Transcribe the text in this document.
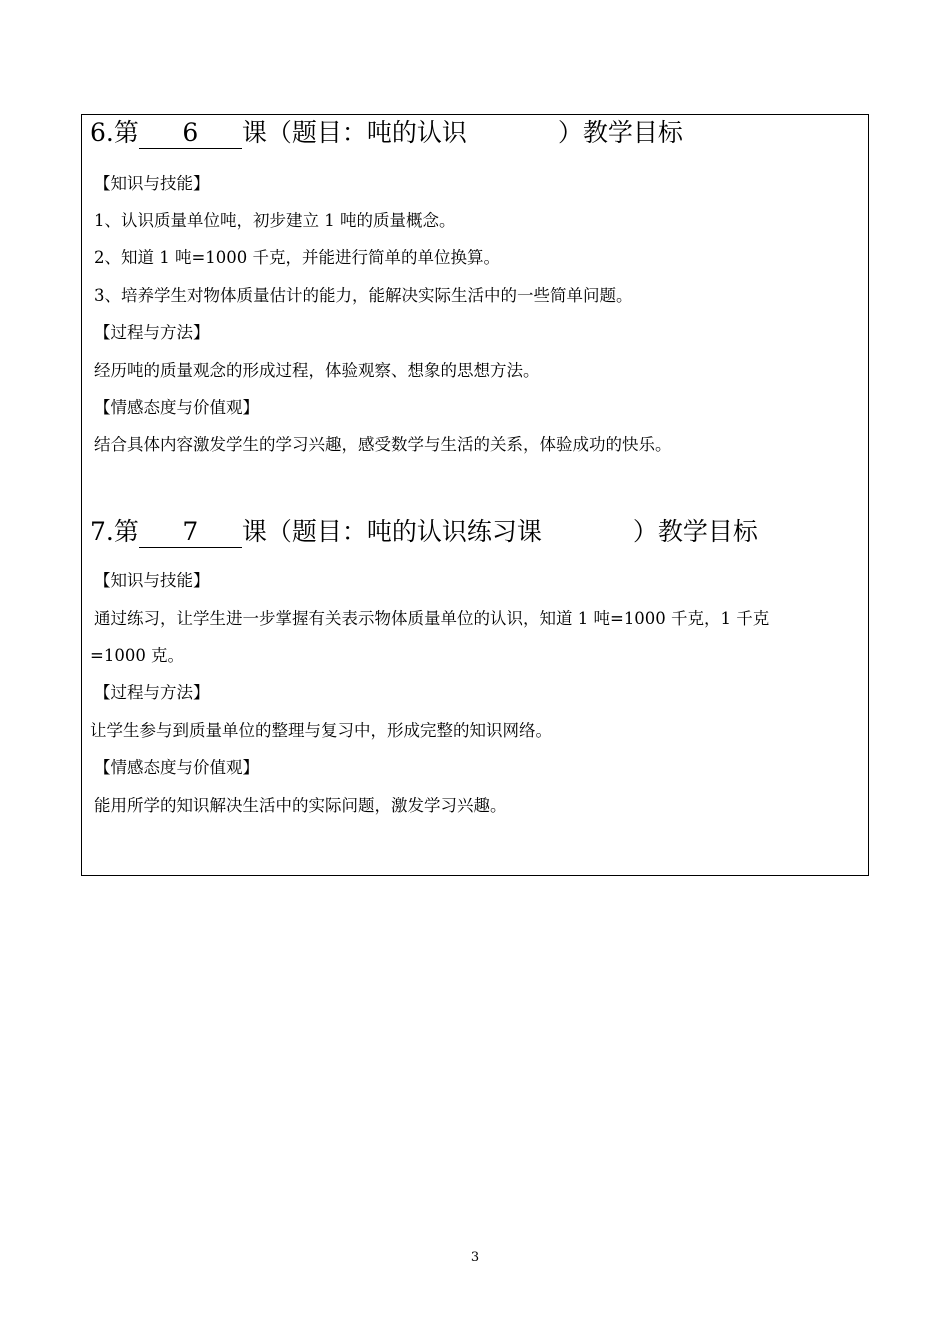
6.第 6 课（题目：吨的认识	）教学目标
【知识与技能】
1、认识质量单位吨，初步建立 1 吨的质量概念。
2、知道 1 吨=1000 千克，并能进行简单的单位换算。
3、培养学生对物体质量估计的能力，能解决实际生活中的一些简单问题。
【过程与方法】
经历吨的质量观念的形成过程，体验观察、想象的思想方法。
【情感态度与价值观】
结合具体内容激发学生的学习兴趣，感受数学与生活的关系，体验成功的快乐。
7.第 7 课（题目：吨的认识练习课	）教学目标
【知识与技能】
通过练习，让学生进一步掌握有关表示物体质量单位的认识，知道 1 吨=1000 千克，1 千克
=1000 克。
【过程与方法】
让学生参与到质量单位的整理与复习中，形成完整的知识网络。
【情感态度与价值观】
能用所学的知识解决生活中的实际问题，激发学习兴趣。
3
